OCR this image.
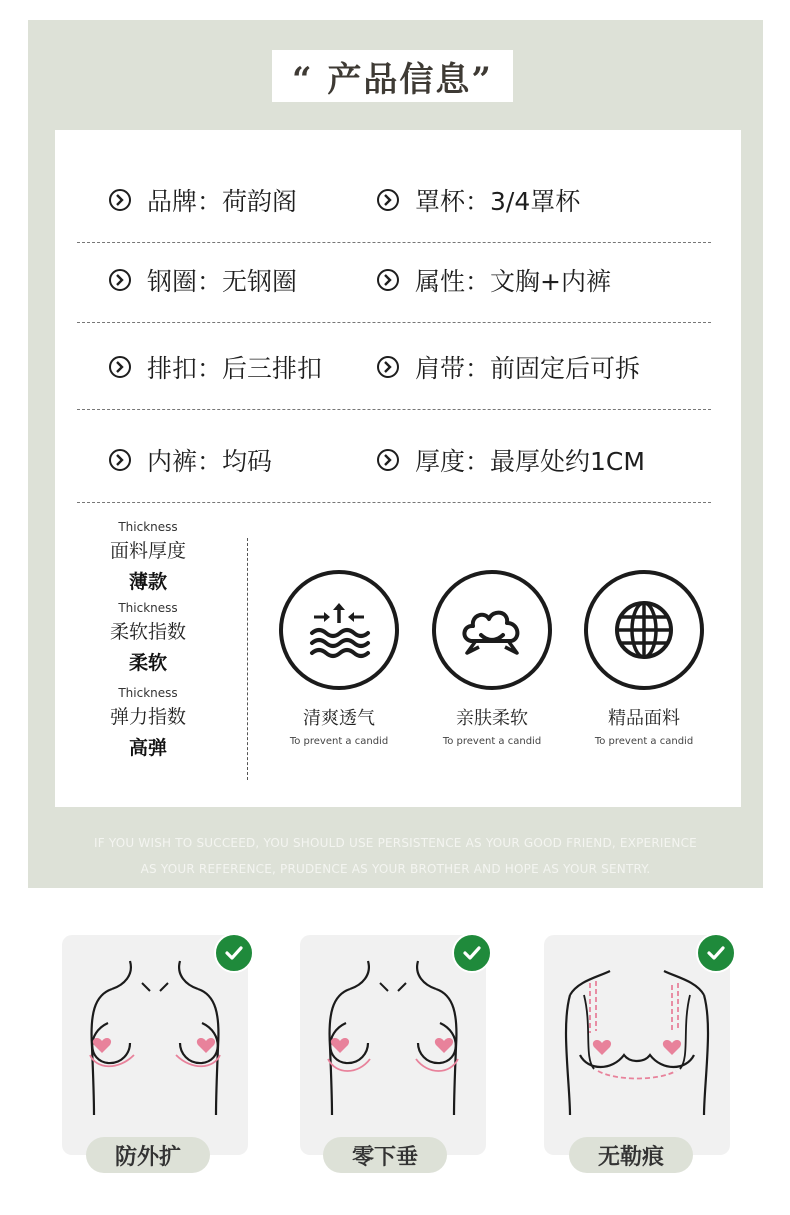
“ 产品信息”
品牌：荷韵阁	罩杯：3/4罩杯
钢圈：无钢圈	属性：文胸+内裤
排扣：后三排扣	肩带：前固定后可拆
内裤：均码	厚度：最厚处约1CM
Thickness
面料厚度
薄款
Thickness
柔软指数
柔软
Thickness
弹力指数
高弹
清爽透气
To prevent a candid
亲肤柔软
To prevent a candid
精品面料
To prevent a candid
IF YOU WISH TO SUCCEED, YOU SHOULD USE PERSISTENCE AS YOUR GOOD FRIEND, EXPERIENCE
AS YOUR REFERENCE, PRUDENCE AS YOUR BROTHER AND HOPE AS YOUR SENTRY.
防外扩	零下垂	无勒痕
